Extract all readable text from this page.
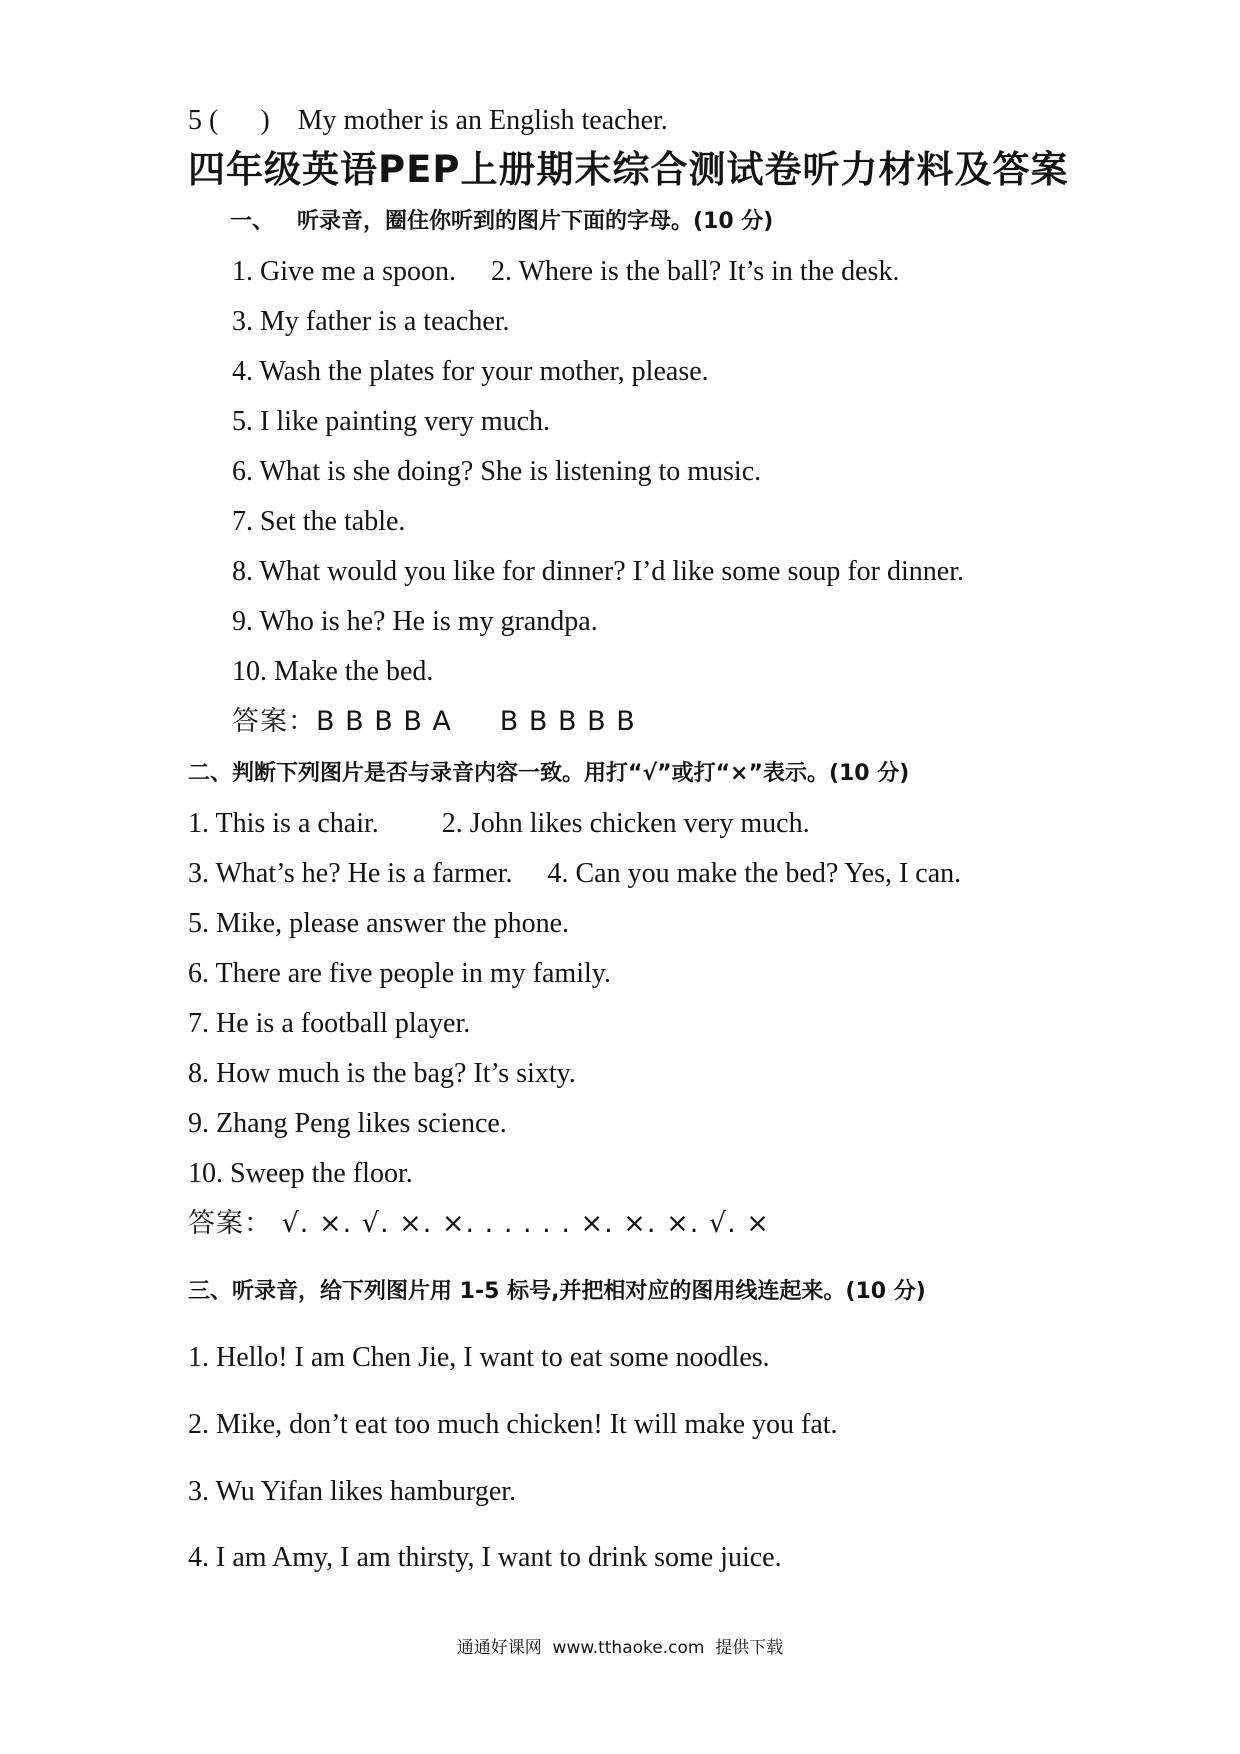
5 (      )    My mother is an English teacher.
四年级英语PEP上册期末综合测试卷听力材料及答案
一、   听录音，圈住你听到的图片下面的字母。(10 分)
1. Give me a spoon.     2. Where is the ball? It’s in the desk.
3. My father is a teacher.
4. Wash the plates for your mother, please.
5. I like painting very much.
6. What is she doing? She is listening to music.
7. Set the table.
8. What would you like for dinner? I’d like some soup for dinner.
9. Who is he? He is my grandpa.
10. Make the bed.
答案：B B B B A     B B B B B
二、判断下列图片是否与录音内容一致。用打“√”或打“×”表示。(10 分)
1. This is a chair.         2. John likes chicken very much.
3. What’s he? He is a farmer.     4. Can you make the bed? Yes, I can.
5. Mike, please answer the phone.
6. There are five people in my family.
7. He is a football player.
8. How much is the bag? It’s sixty.
9. Zhang Peng likes science.
10. Sweep the floor.
答案： √. ×. √. ×. ×. . . . . . ×. ×. ×. √. ×
三、听录音，给下列图片用 1-5 标号,并把相对应的图用线连起来。(10 分)
1. Hello! I am Chen Jie, I want to eat some noodles.
2. Mike, don’t eat too much chicken! It will make you fat.
3. Wu Yifan likes hamburger.
4. I am Amy, I am thirsty, I want to drink some juice.
通通好课网  www.tthaoke.com  提供下载
